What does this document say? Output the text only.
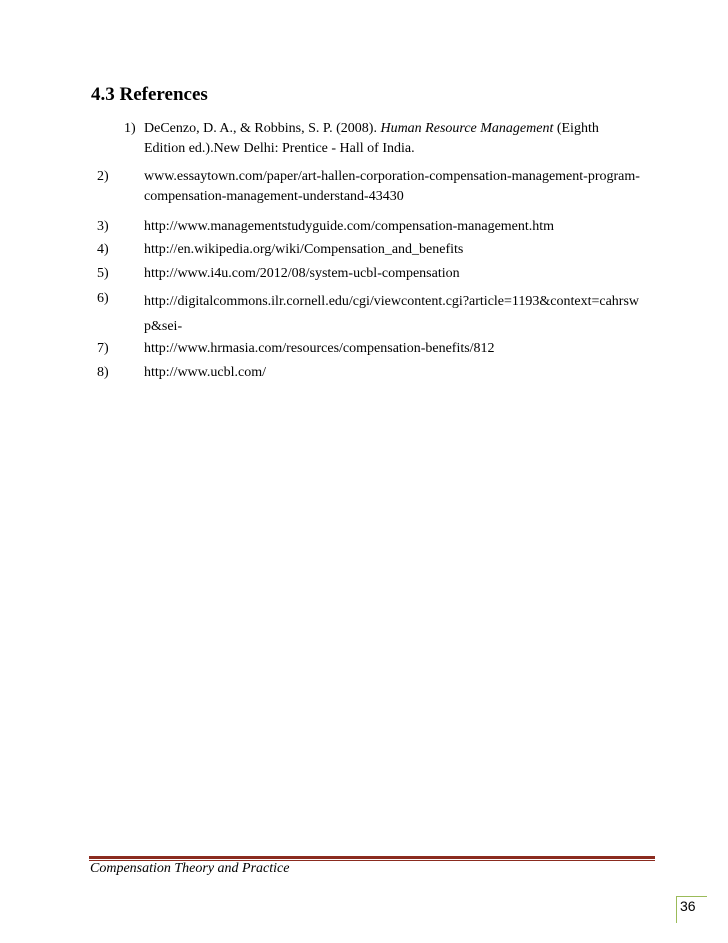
4.3 References
1) DeCenzo, D. A., & Robbins, S. P. (2008). Human Resource Management (Eighth
Edition ed.).New Delhi: Prentice - Hall of India.
2)	www.essaytown.com/paper/art-hallen-corporation-compensation-management-program-
compensation-management-understand-43430
3)	http://www.managementstudyguide.com/compensation-management.htm
4)	http://en.wikipedia.org/wiki/Compensation_and_benefits
5)	http://www.i4u.com/2012/08/system-ucbl-compensation
6)	http://digitalcommons.ilr.cornell.edu/cgi/viewcontent.cgi?article=1193&context=cahrsw
p&sei-
7)	http://www.hrmasia.com/resources/compensation-benefits/812
8)	http://www.ucbl.com/
Compensation Theory and Practice
36
